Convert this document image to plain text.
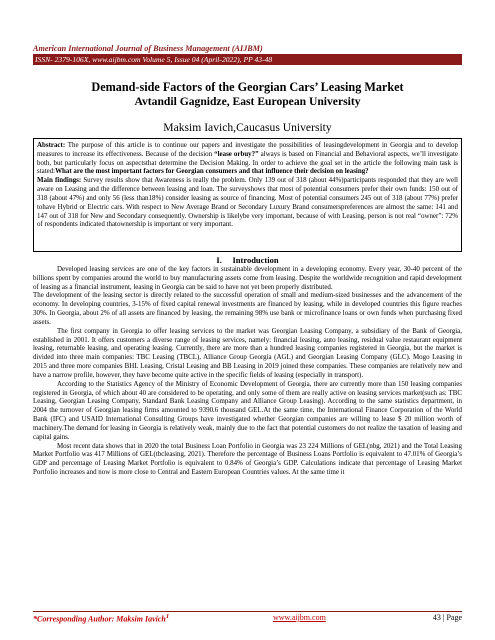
American International Journal of Business Management (AIJBM)
ISSN- 2379-106X, www.aijbm.com Volume 5, Issue 04 (April-2022), PP 43-48
Demand-side Factors of the Georgian Cars’ Leasing Market
Avtandil Gagnidze, East European University
Maksim Iavich,Caucasus University

Abstract: The purpose of this article is to continue our papers and investigate the possibilities of leasingdevelopment in Georgia and to develop measures to increase its effectiveness. Because of the decision “lease orbuy?” always is based on Financial and Behavioral aspects, we’ll investigate both, but particularly focus on aspectsthat determine the Decision Making. In order to achieve the goal set in the article the following main task is stated:What are the most important factors for Georgian consumers and that influence their decision on leasing?

Main findings: Survey results show that Awareness is really the problem. Only 139 out of 318 (about 44%)participants responded that they are well aware on Leasing and the difference between leasing and loan. The surveyshows that most of potential consumers prefer their own funds: 150 out of 318 (about 47%) and only 56 (less than18%) consider leasing as source of financing. Most of potential consumers 245 out of 318 (about 77%) prefer tohave Hybrid or Electric cars. With respect to New Average Brand or Secondary Luxury Brand consumerspreferences are almost the same: 141 and 147 out of 318 for New and Secondary consequently. Ownership is likelybe very important, because of with Leasing, person is not real “owner”: 72% of respondents indicated thatownership is important or very important.

I. Introduction

Developed leasing services are one of the key factors in sustainable development in a developing economy. Every year, 30-40 percent of the billions spent by companies around the world to buy manufacturing assets come from leasing. Despite the worldwide recognition and rapid development of leasing as a financial instrument, leasing in Georgia can be said to have not yet been properly distributed.

The development of the leasing sector is directly related to the successful operation of small and medium-sized businesses and the advancement of the economy. In developing countries, 3-15% of fixed capital renewal investments are financed by leasing, while in developed countries this figure reaches 30%. In Georgia, about 2% of all assets are financed by leasing, the remaining 98% use bank or microfinance loans or own funds when purchasing fixed assets.

The first company in Georgia to offer leasing services to the market was Georgian Leasing Company, a subsidiary of the Bank of Georgia, established in 2001. It offers customers a diverse range of leasing services, namely: financial leasing, auto leasing, residual value restaurant equipment leasing, returnable leasing, and operating leasing. Currently, there are more than a hundred leasing companies registered in Georgia, but the market is divided into three main companies: TBC Leasing (TBCL), Alliance Group Georgia (AGL) and Georgian Leasing Company (GLC). Mogo Leasing in 2015 and three more companies BHL Leasing, Cristal Leasing and BB Leasing in 2019 joined these companies. These companies are relatively new and have a narrow profile, however, they have become quite active in the specific fields of leasing (especially in transport).

According to the Statistics Agency of the Ministry of Economic Development of Georgia, there are currently more than 150 leasing companies registered in Georgia, of which about 40 are considered to be operating, and only some of them are really active on leasing services market(such as: TBC Leasing, Georgian Leasing Company, Standard Bank Leasing Company and Alliance Group Leasing). According to the same statistics department, in 2004 the turnover of Georgian leasing firms amounted to 9390.6 thousand GEL.At the same time, the International Finance Corporation of the World Bank (IFC) and USAID International Consulting Groups have investigated whether Georgian companies are willing to lease $ 20 million worth of machinery.The demand for leasing in Georgia is relatively weak, mainly due to the fact that potential customers do not realize the taxation of leasing and capital gains.

Most recent data shows that in 2020 the total Business Loan Portfolio in Georgia was 23 224 Millions of GEL(nbg, 2021) and the Total Leasing Market Portfolio was 417 Millions of GEL(tbcleasing, 2021). Therefore the percentage of Business Loans Portfolio is equivalent to 47.01% of Georgia’s GDP and percentage of Leasing Market Portfolio is equivalent to 0.84% of Georgia’s GDP. Calculations indicate that percentage of Leasing Market Portfolio increases and now is more close to Central and Eastern European Countries values. At the same time it

*Corresponding Author: Maksim Iavich$^1$	www.aijbm.com	43 | Page
